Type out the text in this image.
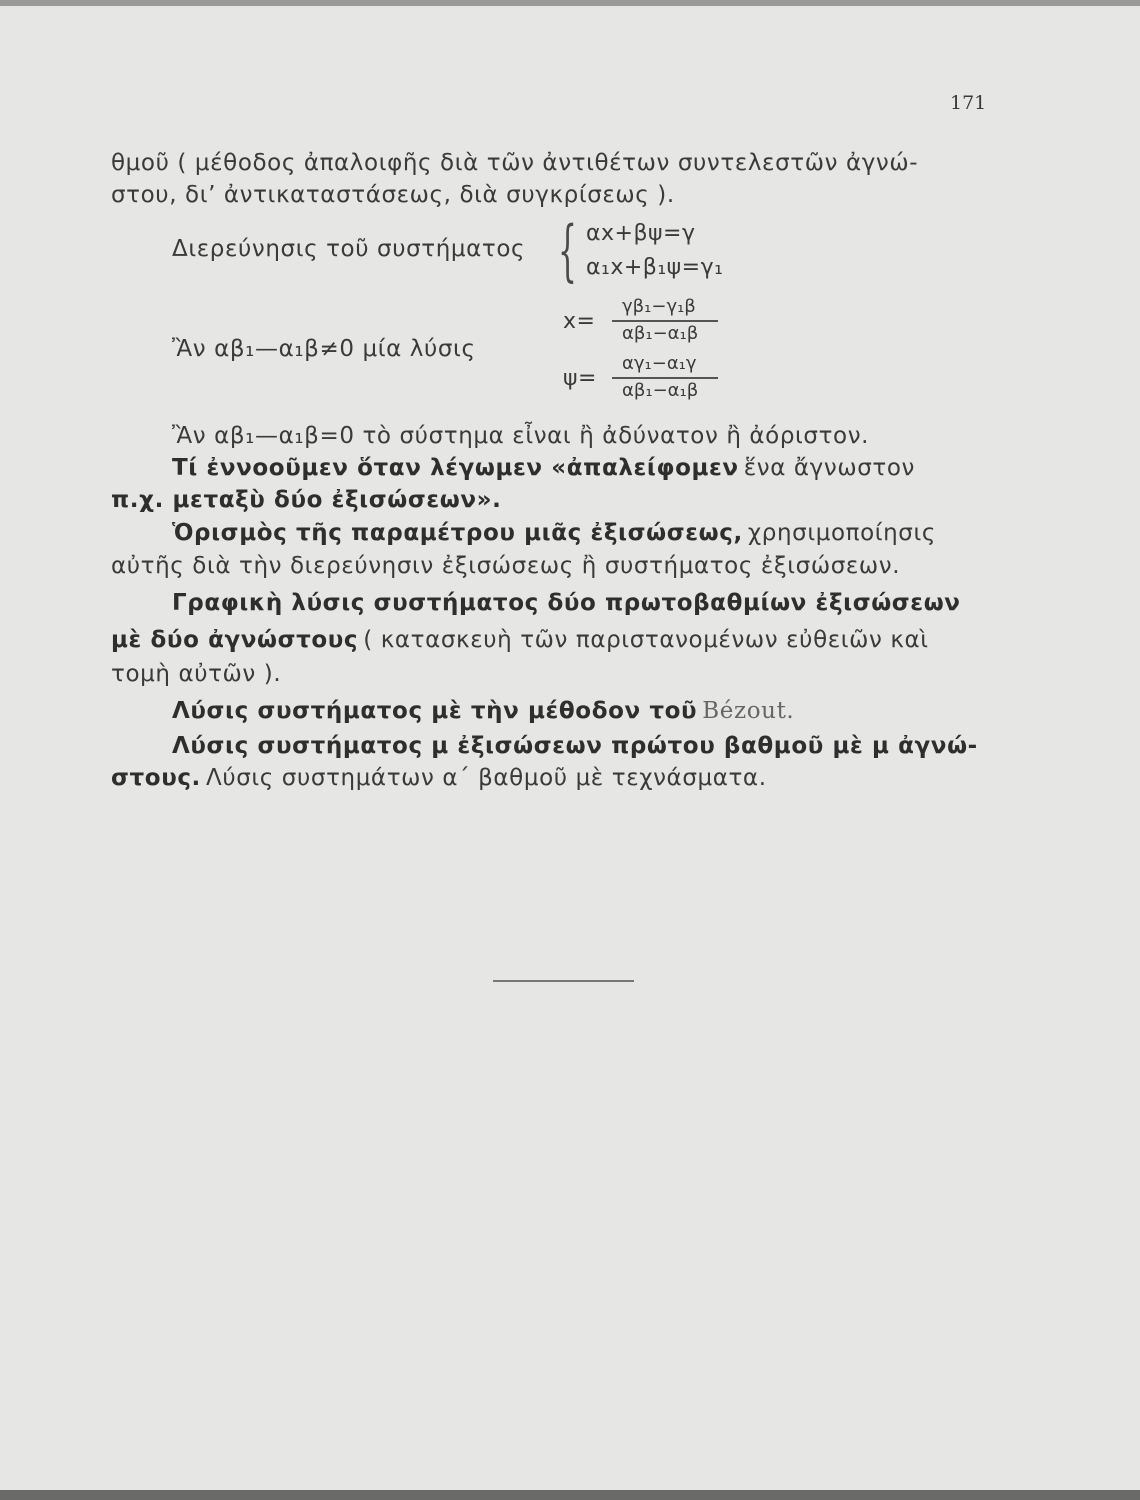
171
θμοῦ ( μέθοδος ἀπαλοιφῆς διὰ τῶν ἀντιθέτων συντελεστῶν ἀγνώ-
στου, δι’ ἀντικαταστάσεως, διὰ συγκρίσεως ).
Διερεύνησις τοῦ συστήματος { αx+βψ=γ
α₁x+β₁ψ=γ₁
Ἂν αβ₁—α₁β≠0 μία λύσις
x=
γβ₁−γ₁β
αβ₁−α₁β
ψ=
αγ₁−α₁γ
αβ₁−α₁β
Ἂν αβ₁—α₁β=0 τὸ σύστημα εἶναι ἢ ἀδύνατον ἢ ἀόριστον.
Τί ἐννοοῦμεν ὅταν λέγωμεν «ἀπαλείφομεν ἕνα ἄγνωστον
π.χ. μεταξὺ δύο ἐξισώσεων».
Ὁρισμὸς τῆς παραμέτρου μιᾶς ἐξισώσεως, χρησιμοποίησις
αὐτῆς διὰ τὴν διερεύνησιν ἐξισώσεως ἢ συστήματος ἐξισώσεων.
Γραφικὴ λύσις συστήματος δύο πρωτοβαθμίων ἐξισώσεων
μὲ δύο ἀγνώστους ( κατασκευὴ τῶν παριστανομένων εὐθειῶν καὶ
τομὴ αὐτῶν ).
Λύσις συστήματος μὲ τὴν μέθοδον τοῦ Bézout.
Λύσις συστήματος μ ἐξισώσεων πρώτου βαθμοῦ μὲ μ ἀγνώ-
στους. Λύσις συστημάτων α΄ βαθμοῦ μὲ τεχνάσματα.
